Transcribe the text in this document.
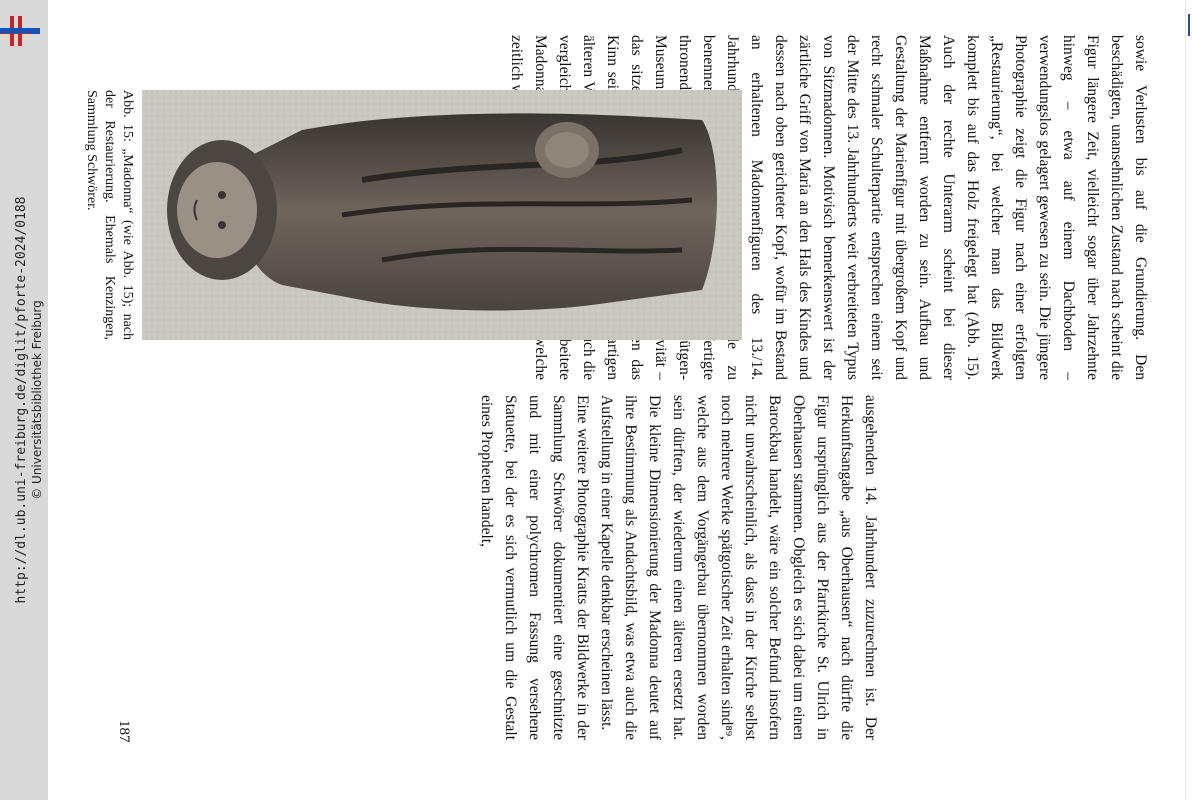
http://dl.ub.uni-freiburg.de/diglit/pforte-2024/0188 © Universitätsbibliothek Freiburg

sowie Verlusten bis auf die Grundierung. Den beschädigten, unansehnlichen Zustand nach scheint die Figur längere Zeit, vielleicht sogar über Jahrzehnte hinweg – etwa auf einem Dachboden – verwendungslos gelagert gewesen zu sein. Die jüngere Photographie zeigt die Figur nach einer erfolgten „Restaurierung“, bei welcher man das Bildwerk komplett bis auf das Holz freigelegt hat (Abb. 15). Auch der rechte Unterarm scheint bei dieser Maßnahme entfernt worden zu sein. Aufbau und Gestaltung der Marienfigur mit übergroßem Kopf und recht schmaler Schulterpartie entsprechen einem seit der Mitte des 13. Jahrhunderts weit verbreiteten Typus von Sitzmadonnen. Motivisch bemerkenswert ist der zärtliche Griff von Maria an den Hals des Kindes und dessen nach oben gerichteter Kopf, wofür im Bestand an erhaltenen Madonnenfiguren des 13./14. Jahrhunderts zu benennen gefertigte thronende Schnütgen-Museum – das das Kinn derartigen älteren auch die vergleichsweise gearbeitete Madonna welche zeitlich

ausgehenden 14. Jahrhundert zuzurechnen ist. Der Herkunftsangabe „aus Oberhausen“ nach dürfte die Figur ursprünglich aus der Pfarrkirche St. Ulrich in Oberhausen stammen. Obgleich es sich dabei um einen Barockbau handelt, wäre ein solcher Befund insofern nicht unwahrscheinlich, als dass in der Kirche selbst noch mehrere Werke spätgotischer Zeit erhalten sind⁸⁹, welche aus dem Vorgängerbau übernommen worden sein dürften, der wiederum einen älteren ersetzt hat. Die kleine Dimensionierung der Madonna deutet auf ihre Bestimmung als Andachtsbild, was etwa auch die Aufstellung in einer Kapelle denkbar erscheinen lässt.

Eine weitere Photographie Kratts der Bildwerke in der Sammlung Schwörer dokumentiert eine geschnitzte und mit einer polychromen Fassung versehene Statuette, bei der es sich vermutlich um die Gestalt eines Propheten handelt,

Abb. 15: „Madonna“ (wie Abb. 15); nach der Restaurierung. Ehemals Kenzingen, Sammlung Schwörer.
187
